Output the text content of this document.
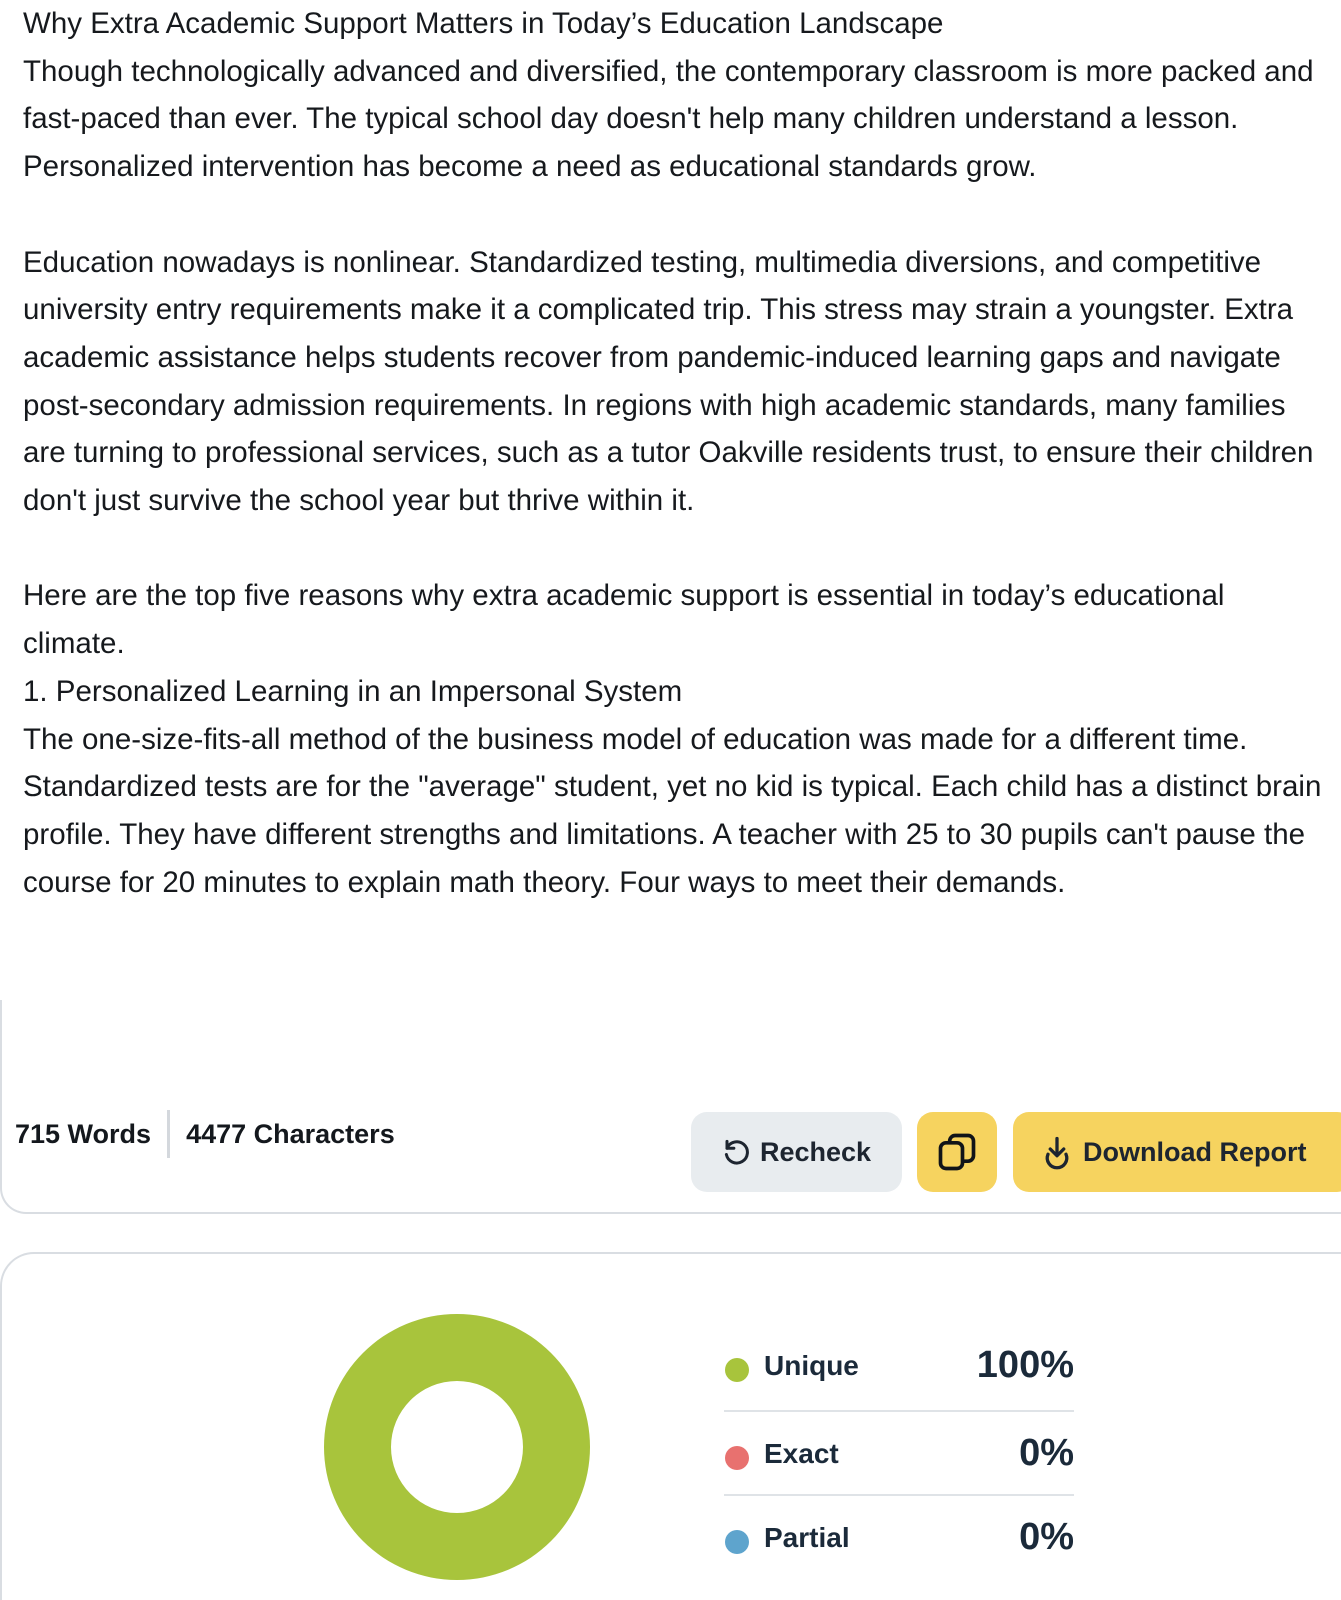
Why Extra Academic Support Matters in Today’s Education Landscape

Though technologically advanced and diversified, the contemporary classroom is more packed and fast-paced than ever. The typical school day doesn't help many children understand a lesson. Personalized intervention has become a need as educational standards grow.

Education nowadays is nonlinear. Standardized testing, multimedia diversions, and competitive university entry requirements make it a complicated trip. This stress may strain a youngster. Extra academic assistance helps students recover from pandemic-induced learning gaps and navigate post-secondary admission requirements. In regions with high academic standards, many families are turning to professional services, such as a tutor Oakville residents trust, to ensure their children don't just survive the school year but thrive within it.

Here are the top five reasons why extra academic support is essential in today’s educational climate.

1. Personalized Learning in an Impersonal System

The one-size-fits-all method of the business model of education was made for a different time. Standardized tests are for the "average" student, yet no kid is typical. Each child has a distinct brain profile. They have different strengths and limitations. A teacher with 25 to 30 pupils can't pause the course for 20 minutes to explain math theory. Four ways to meet their demands.

715 Words 4477 Characters
Recheck	Download Report
Unique	100%
Exact	0%
Partial	0%
